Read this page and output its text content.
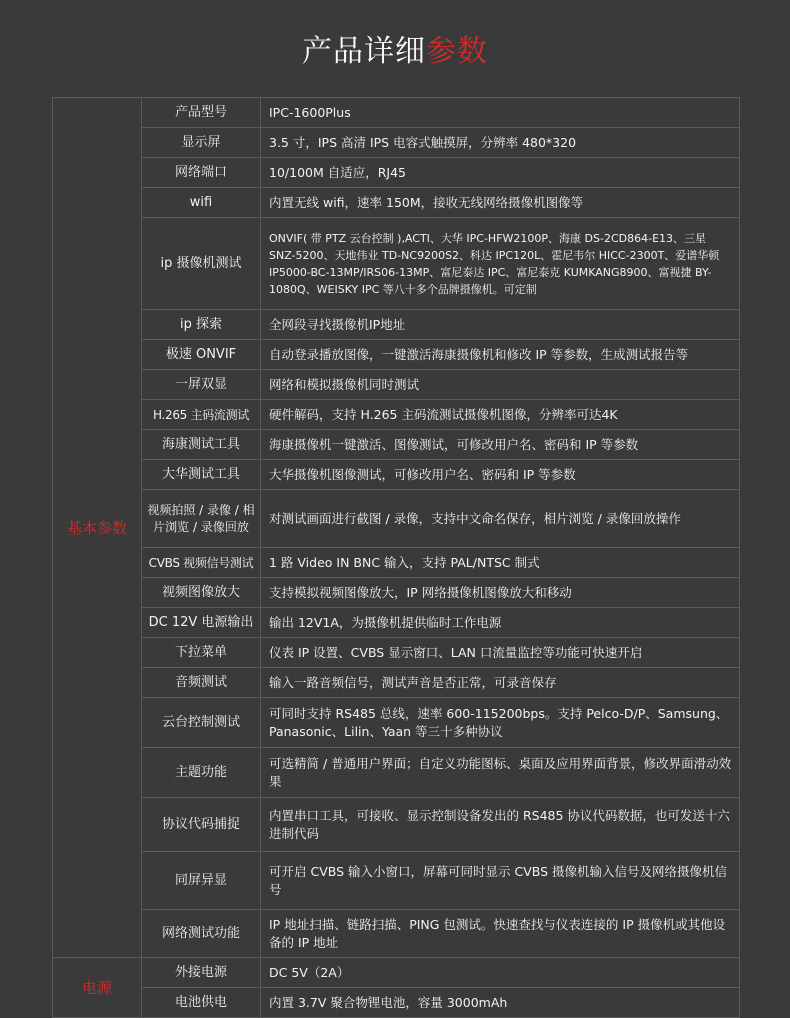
产品详细参数
基本参数	产品型号	IPC-1600Plus
	显示屏	3.5 寸，IPS 高清 IPS 电容式触摸屏，分辨率 480*320
	网络端口	10/100M 自适应，RJ45
	wifi	内置无线 wifi，速率 150M，接收无线网络摄像机图像等
	ip 摄像机测试	ONVIF( 带 PTZ 云台控制 ),ACTI、大华 IPC-HFW2100P、海康 DS-2CD864-E13、三星 SNZ-5200、天地伟业 TD-NC9200S2、科达 IPC120L、霍尼韦尔 HICC-2300T、爱谱华顿 IP5000-BC-13MP/IRS06-13MP、富尼泰达 IPC、富尼泰克 KUMKANG8900、富视捷 BY-1080Q、WEISKY IPC 等八十多个品牌摄像机。可定制
	ip 探索	全网段寻找摄像机IP地址
	极速 ONVIF	自动登录播放图像，一键激活海康摄像机和修改 IP 等参数，生成测试报告等
	一屏双显	网络和模拟摄像机同时测试
	H.265 主码流测试	硬件解码，支持 H.265 主码流测试摄像机图像，分辨率可达4K
	海康测试工具	海康摄像机一键激活、图像测试，可修改用户名、密码和 IP 等参数
	大华测试工具	大华摄像机图像测试，可修改用户名、密码和 IP 等参数
	视频拍照 / 录像 / 相片浏览 / 录像回放	对测试画面进行截图 / 录像，支持中文命名保存，相片浏览 / 录像回放操作
	CVBS 视频信号测试	1 路 Video IN BNC 输入，支持 PAL/NTSC 制式
	视频图像放大	支持模拟视频图像放大，IP 网络摄像机图像放大和移动
	DC 12V 电源输出	输出 12V1A，为摄像机提供临时工作电源
	下拉菜单	仪表 IP 设置、CVBS 显示窗口、LAN 口流量监控等功能可快速开启
	音频测试	输入一路音频信号，测试声音是否正常，可录音保存
	云台控制测试	可同时支持 RS485 总线，速率 600-115200bps。支持 Pelco-D/P、Samsung、Panasonic、Lilin、Yaan 等三十多种协议
	主题功能	可选精简 / 普通用户界面；自定义功能图标、桌面及应用界面背景，修改界面滑动效果
	协议代码捕捉	内置串口工具，可接收、显示控制设备发出的 RS485 协议代码数据，也可发送十六进制代码
	同屏异显	可开启 CVBS 输入小窗口，屏幕可同时显示 CVBS 摄像机输入信号及网络摄像机信号
	网络测试功能	IP 地址扫描、链路扫描、PING 包测试。快速查找与仪表连接的 IP 摄像机或其他设备的 IP 地址
电源	外接电源	DC 5V（2A）
	电池供电	内置 3.7V 聚合物锂电池，容量 3000mAh
